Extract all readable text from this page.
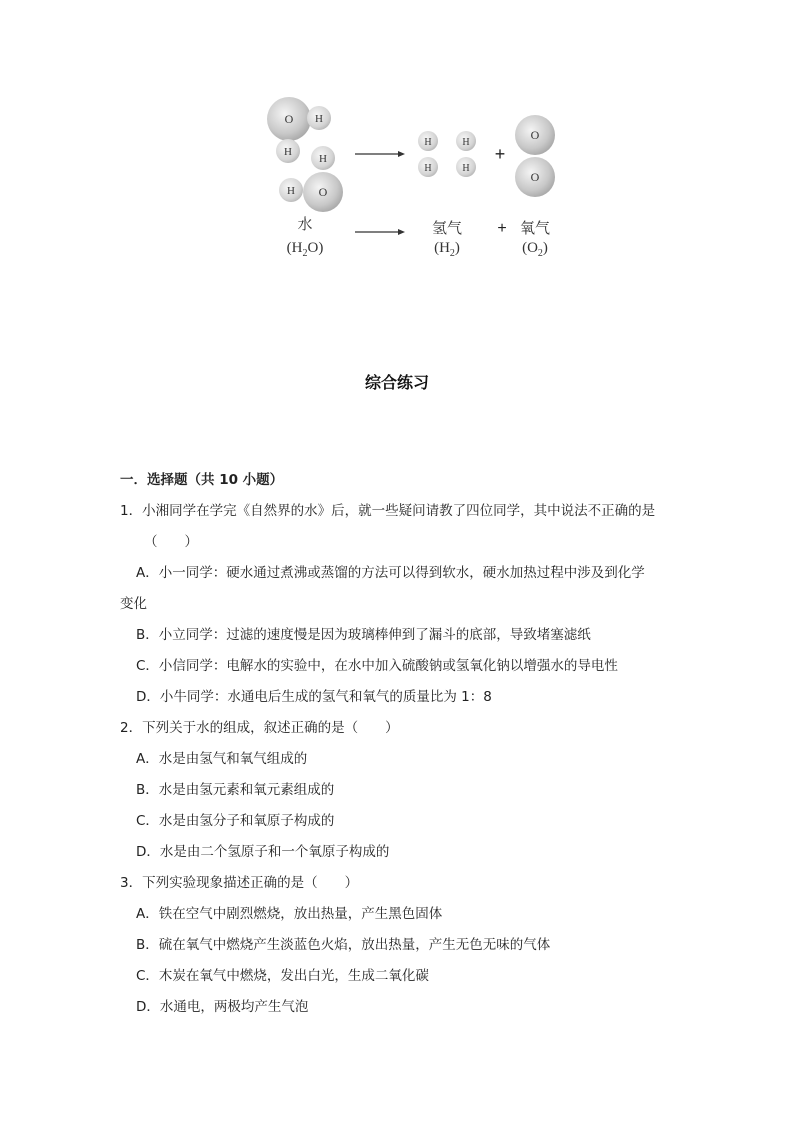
O H
H
H
H O
H	H
H	H
+
O
O
水
$(H_2O)$
氢气
$(H_2)$
+ 氧气
$(O_2)$
综合练习
一．选择题（共 10 小题）
1．小湘同学在学完《自然界的水》后，就一些疑问请教了四位同学，其中说法不正确的是
（　　）
A．小一同学：硬水通过煮沸或蒸馏的方法可以得到软水，硬水加热过程中涉及到化学
变化
B．小立同学：过滤的速度慢是因为玻璃棒伸到了漏斗的底部，导致堵塞滤纸
C．小信同学：电解水的实验中，在水中加入硫酸钠或氢氧化钠以增强水的导电性
D．小牛同学：水通电后生成的氢气和氧气的质量比为 1：8
2．下列关于水的组成，叙述正确的是（　　）
A．水是由氢气和氧气组成的
B．水是由氢元素和氧元素组成的
C．水是由氢分子和氧原子构成的
D．水是由二个氢原子和一个氧原子构成的
3．下列实验现象描述正确的是（　　）
A．铁在空气中剧烈燃烧，放出热量，产生黑色固体
B．硫在氧气中燃烧产生淡蓝色火焰，放出热量，产生无色无味的气体
C．木炭在氧气中燃烧，发出白光，生成二氧化碳
D．水通电，两极均产生气泡
